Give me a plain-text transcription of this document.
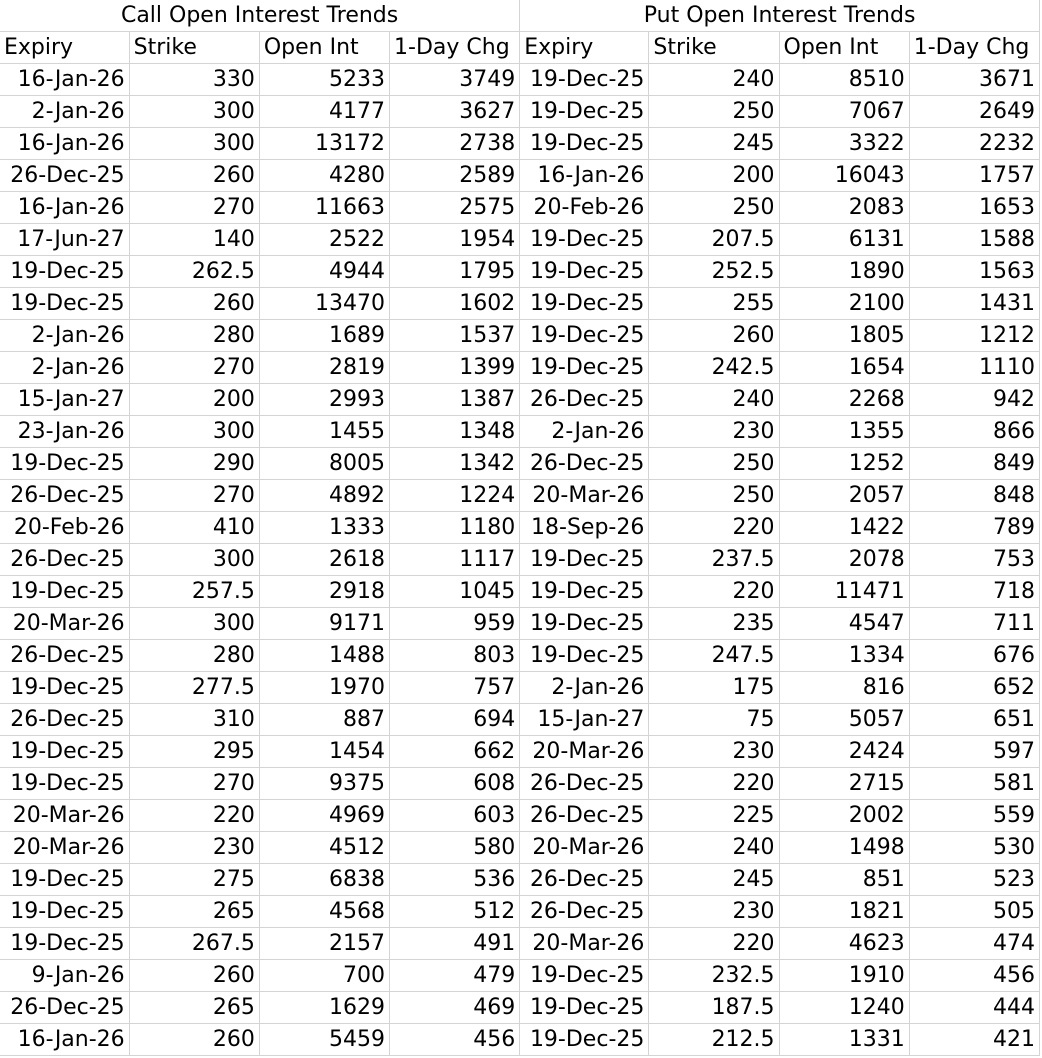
Call Open Interest Trends				Put Open Interest Trends			
Expiry	Strike	Open Int	1-Day Chg	Expiry	Strike	Open Int	1-Day Chg
16-Jan-26	330	5233	3749	19-Dec-25	240	8510	3671
2-Jan-26	300	4177	3627	19-Dec-25	250	7067	2649
16-Jan-26	300	13172	2738	19-Dec-25	245	3322	2232
26-Dec-25	260	4280	2589	16-Jan-26	200	16043	1757
16-Jan-26	270	11663	2575	20-Feb-26	250	2083	1653
17-Jun-27	140	2522	1954	19-Dec-25	207.5	6131	1588
19-Dec-25	262.5	4944	1795	19-Dec-25	252.5	1890	1563
19-Dec-25	260	13470	1602	19-Dec-25	255	2100	1431
2-Jan-26	280	1689	1537	19-Dec-25	260	1805	1212
2-Jan-26	270	2819	1399	19-Dec-25	242.5	1654	1110
15-Jan-27	200	2993	1387	26-Dec-25	240	2268	942
23-Jan-26	300	1455	1348	2-Jan-26	230	1355	866
19-Dec-25	290	8005	1342	26-Dec-25	250	1252	849
26-Dec-25	270	4892	1224	20-Mar-26	250	2057	848
20-Feb-26	410	1333	1180	18-Sep-26	220	1422	789
26-Dec-25	300	2618	1117	19-Dec-25	237.5	2078	753
19-Dec-25	257.5	2918	1045	19-Dec-25	220	11471	718
20-Mar-26	300	9171	959	19-Dec-25	235	4547	711
26-Dec-25	280	1488	803	19-Dec-25	247.5	1334	676
19-Dec-25	277.5	1970	757	2-Jan-26	175	816	652
26-Dec-25	310	887	694	15-Jan-27	75	5057	651
19-Dec-25	295	1454	662	20-Mar-26	230	2424	597
19-Dec-25	270	9375	608	26-Dec-25	220	2715	581
20-Mar-26	220	4969	603	26-Dec-25	225	2002	559
20-Mar-26	230	4512	580	20-Mar-26	240	1498	530
19-Dec-25	275	6838	536	26-Dec-25	245	851	523
19-Dec-25	265	4568	512	26-Dec-25	230	1821	505
19-Dec-25	267.5	2157	491	20-Mar-26	220	4623	474
9-Jan-26	260	700	479	19-Dec-25	232.5	1910	456
26-Dec-25	265	1629	469	19-Dec-25	187.5	1240	444
16-Jan-26	260	5459	456	19-Dec-25	212.5	1331	421
